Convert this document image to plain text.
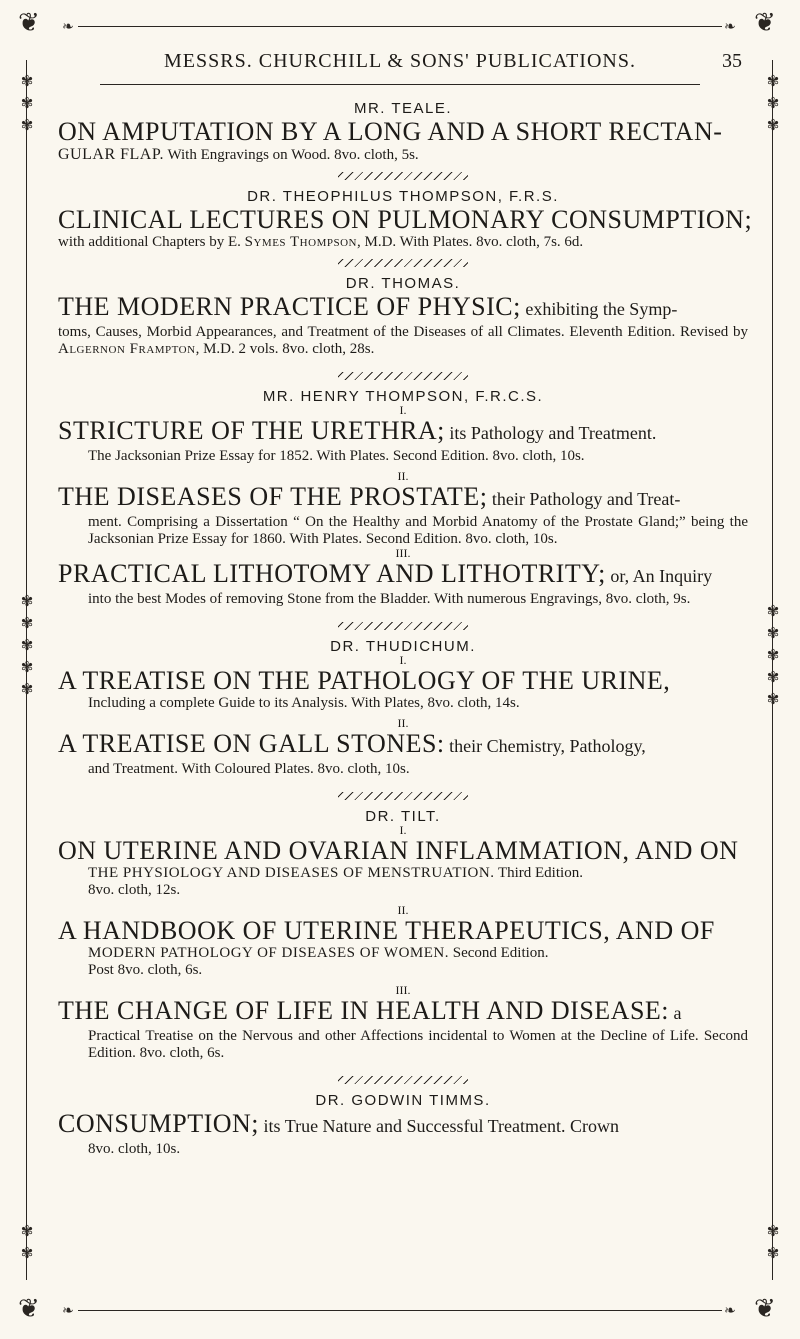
❦	❦
❦	❦
❧	❧
❧	❧
✾
✾
✾
✾
✾
✾
✾
✾
✾
✾
✾
✾
✾
✾
✾
✾
✾
✾
✾
✾
MESSRS. CHURCHILL & SONS' PUBLICATIONS.	35

MR. TEALE.

ON AMPUTATION BY A LONG AND A SHORT RECTAN-

GULAR FLAP. With Engravings on Wood. 8vo. cloth, 5s.

DR. THEOPHILUS THOMPSON, F.R.S.

CLINICAL LECTURES ON PULMONARY CONSUMPTION;

with additional Chapters by E. Symes Thompson, M.D. With Plates. 8vo. cloth, 7s. 6d.

DR. THOMAS.

THE MODERN PRACTICE OF PHYSIC; exhibiting the Symp-

toms, Causes, Morbid Appearances, and Treatment of the Diseases of all Climates. Eleventh Edition. Revised by Algernon Frampton, M.D. 2 vols. 8vo. cloth, 28s.

MR. HENRY THOMPSON, F.R.C.S.

I.

STRICTURE OF THE URETHRA; its Pathology and Treatment.

The Jacksonian Prize Essay for 1852. With Plates. Second Edition. 8vo. cloth, 10s.

II.

THE DISEASES OF THE PROSTATE; their Pathology and Treat-

ment. Comprising a Dissertation “ On the Healthy and Morbid Anatomy of the Prostate Gland;” being the Jacksonian Prize Essay for 1860. With Plates. Second Edition. 8vo. cloth, 10s.

III.

PRACTICAL LITHOTOMY AND LITHOTRITY; or, An Inquiry

into the best Modes of removing Stone from the Bladder. With numerous Engravings, 8vo. cloth, 9s.

DR. THUDICHUM.

I.

A TREATISE ON THE PATHOLOGY OF THE URINE,

Including a complete Guide to its Analysis. With Plates, 8vo. cloth, 14s.

II.

A TREATISE ON GALL STONES: their Chemistry, Pathology,

and Treatment. With Coloured Plates. 8vo. cloth, 10s.

DR. TILT.

I.

ON UTERINE AND OVARIAN INFLAMMATION, AND ON

THE PHYSIOLOGY AND DISEASES OF MENSTRUATION. Third Edition.

8vo. cloth, 12s.

II.

A HANDBOOK OF UTERINE THERAPEUTICS, AND OF

MODERN PATHOLOGY OF DISEASES OF WOMEN. Second Edition.

Post 8vo. cloth, 6s.

III.

THE CHANGE OF LIFE IN HEALTH AND DISEASE: a

Practical Treatise on the Nervous and other Affections incidental to Women at the Decline of Life. Second Edition. 8vo. cloth, 6s.

DR. GODWIN TIMMS.

CONSUMPTION; its True Nature and Successful Treatment. Crown

8vo. cloth, 10s.
